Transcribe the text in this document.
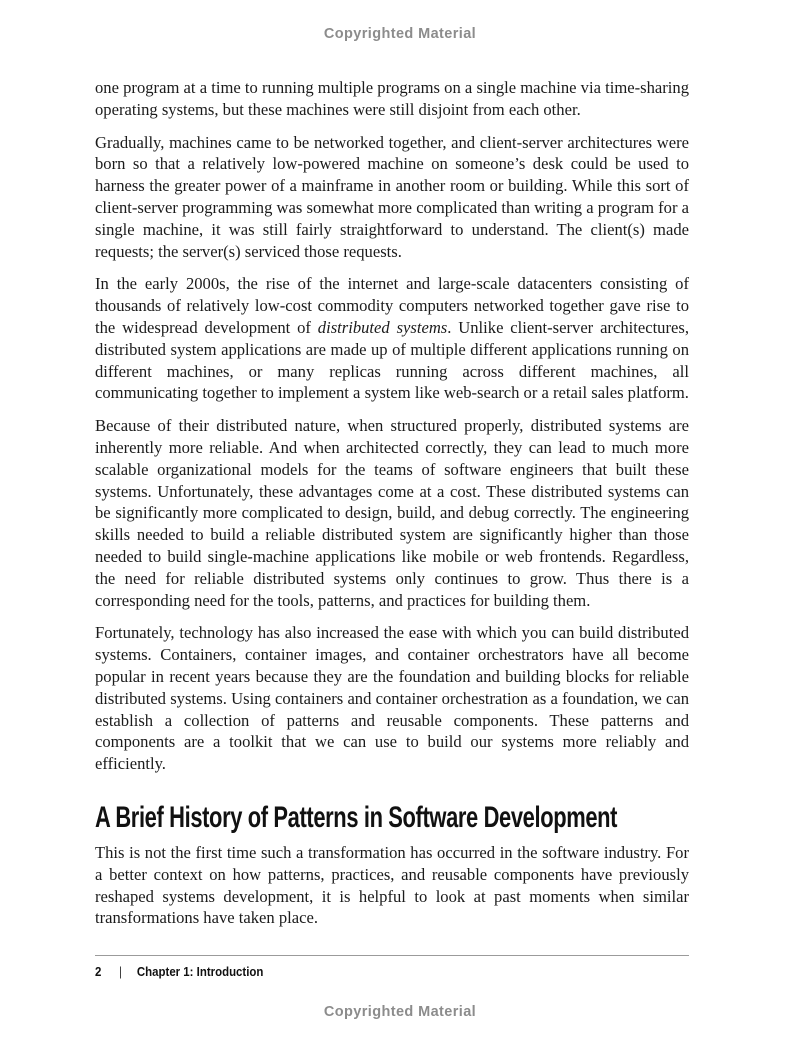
Copyrighted Material

one program at a time to running multiple programs on a single machine via time-sharing operating systems, but these machines were still disjoint from each other.

Gradually, machines came to be networked together, and client-server architectures were born so that a relatively low-powered machine on someone’s desk could be used to harness the greater power of a mainframe in another room or building. While this sort of client-server programming was somewhat more complicated than writing a program for a single machine, it was still fairly straightforward to understand. The client(s) made requests; the server(s) serviced those requests.

In the early 2000s, the rise of the internet and large-scale datacenters consisting of thousands of relatively low-cost commodity computers networked together gave rise to the widespread development of distributed systems. Unlike client-server architectures, distributed system applications are made up of multiple different applications running on different machines, or many replicas running across different machines, all communicating together to implement a system like web-search or a retail sales platform.

Because of their distributed nature, when structured properly, distributed systems are inherently more reliable. And when architected correctly, they can lead to much more scalable organizational models for the teams of software engineers that built these systems. Unfortunately, these advantages come at a cost. These distributed systems can be significantly more complicated to design, build, and debug correctly. The engineering skills needed to build a reliable distributed system are significantly higher than those needed to build single-machine applications like mobile or web frontends. Regardless, the need for reliable distributed systems only continues to grow. Thus there is a corresponding need for the tools, patterns, and practices for building them.

Fortunately, technology has also increased the ease with which you can build distributed systems. Containers, container images, and container orchestrators have all become popular in recent years because they are the foundation and building blocks for reliable distributed systems. Using containers and container orchestration as a foundation, we can establish a collection of patterns and reusable components. These patterns and components are a toolkit that we can use to build our systems more reliably and efficiently.

A Brief History of Patterns in Software Development

This is not the first time such a transformation has occurred in the software industry. For a better context on how patterns, practices, and reusable components have previously reshaped systems development, it is helpful to look at past moments when similar transformations have taken place.

2 | Chapter 1: Introduction
Copyrighted Material
